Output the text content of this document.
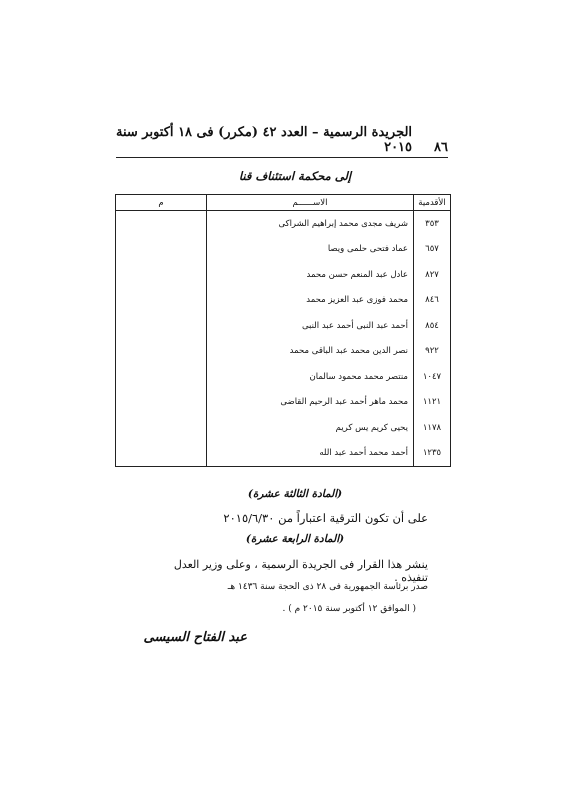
٨٦
الجريدة الرسمية – العدد ٤٢ (مكرر) فى ١٨ أكتوبر سنة ٢٠١٥
إلى محكمة استئناف قنا
الأقدمية	الاســــــم	م
٣٥٣	شريف مجدى محمد إبراهيم الشراكى	
٦٥٧	عماد فتحى حلمى ويصا	
٨٢٧	عادل عبد المنعم حسن محمد	
٨٤٦	محمد فوزى عبد العزيز محمد	
٨٥٤	أحمد عبد النبى أحمد عبد النبى	
٩٢٢	نصر الدين محمد عبد الباقى محمد	
١٠٤٧	منتصر محمد محمود سالمان	
١١٢١	محمد ماهر أحمد عبد الرحيم القاضى	
١١٧٨	يحيى كريم يس كريم	
١٢٣٥	أحمد محمد أحمد عبد الله	
(المادة الثالثة عشرة)
على أن تكون الترقية اعتباراً من ٢٠١٥/٦/٣٠
(المادة الرابعة عشرة)
ينشر هذا القرار فى الجريدة الرسمية ، وعلى وزير العدل تنفيذه .
صدر برئاسة الجمهورية فى ٢٨ ذى الحجة سنة ١٤٣٦ هـ
( الموافق ١٢ أكتوبر سنة ٢٠١٥ م ) .
عبد الفتاح السيسى
